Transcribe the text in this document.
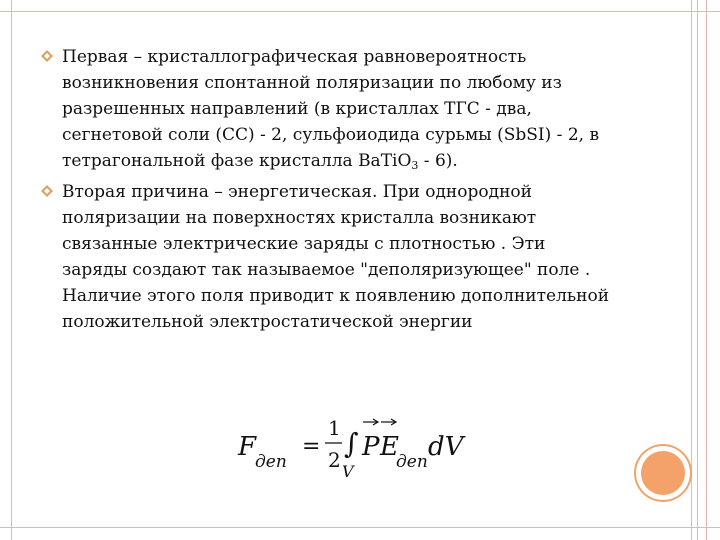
Первая – кристаллографическая равновероятность возникновения спонтанной поляризации по любому из разрешенных направлений (в кристаллах ТГС - два, сегнетовой соли (СС) - 2, сульфоиодида сурьмы (SbSI) - 2, в тетрагональной фазе кристалла BaTiO$_3$ - 6).
Вторая причина – энергетическая. При однородной поляризации на поверхностях кристалла возникают связанные электрические заряды с плотностью . Эти заряды создают так называемое "деполяризующее" поле . Наличие этого поля приводит к появлению дополнительной положительной электростатической энергии
F
деп
=
1
2 ∫
V
P E
деп dV
